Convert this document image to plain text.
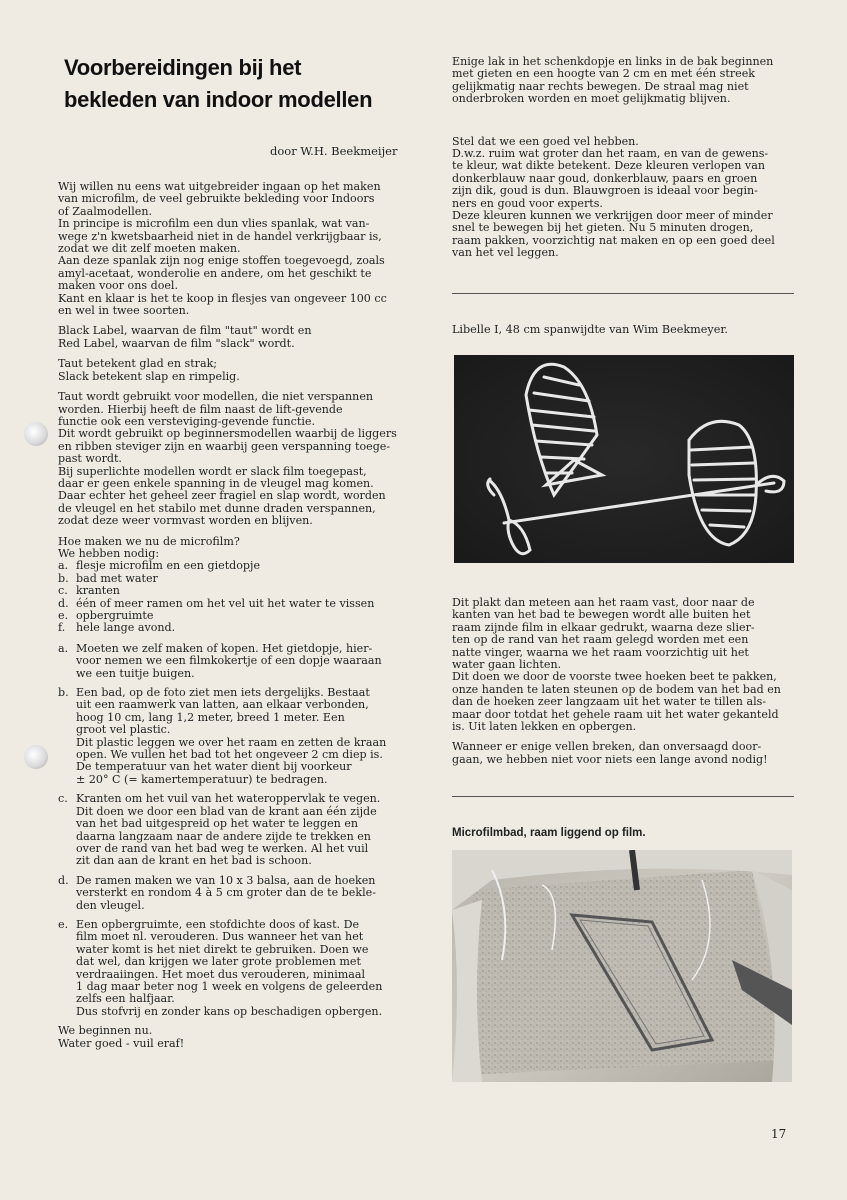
Voorbereidingen bij het
bekleden van indoor modellen
door W.H. Beekmeijer

Wij willen nu eens wat uitgebreider ingaan op het maken
van microfilm, de veel gebruikte bekleding voor Indoors
of Zaalmodellen.
In principe is microfilm een dun vlies spanlak, wat van-
wege z'n kwetsbaarheid niet in de handel verkrijgbaar is,
zodat we dit zelf moeten maken.
Aan deze spanlak zijn nog enige stoffen toegevoegd, zoals
amyl-acetaat, wonderolie en andere, om het geschikt te
maken voor ons doel.
Kant en klaar is het te koop in flesjes van ongeveer 100 cc
en wel in twee soorten.

Black Label, waarvan de film "taut" wordt en
Red Label, waarvan de film "slack" wordt.

Taut betekent glad en strak;
Slack betekent slap en rimpelig.

Taut wordt gebruikt voor modellen, die niet verspannen
worden. Hierbij heeft de film naast de lift-gevende
functie ook een versteviging-gevende functie.
Dit wordt gebruikt op beginnersmodellen waarbij de liggers
en ribben steviger zijn en waarbij geen verspanning toege-
past wordt.
Bij superlichte modellen wordt er slack film toegepast,
daar er geen enkele spanning in de vleugel mag komen.
Daar echter het geheel zeer fragiel en slap wordt, worden
de vleugel en het stabilo met dunne draden verspannen,
zodat deze weer vormvast worden en blijven.

Hoe maken we nu de microfilm?
We hebben nodig:
a. flesje microfilm en een gietdopje
b. bad met water
c. kranten
d. één of meer ramen om het vel uit het water te vissen
e. opbergruimte
f. hele lange avond.
a. Moeten we zelf maken of kopen. Het gietdopje, hier-
voor nemen we een filmkokertje of een dopje waaraan
we een tuitje buigen.
b. Een bad, op de foto ziet men iets dergelijks. Bestaat
uit een raamwerk van latten, aan elkaar verbonden,
hoog 10 cm, lang 1,2 meter, breed 1 meter. Een
groot vel plastic.
Dit plastic leggen we over het raam en zetten de kraan
open. We vullen het bad tot het ongeveer 2 cm diep is.
De temperatuur van het water dient bij voorkeur
± 20° C (= kamertemperatuur) te bedragen.
c. Kranten om het vuil van het wateroppervlak te vegen.
Dit doen we door een blad van de krant aan één zijde
van het bad uitgespreid op het water te leggen en
daarna langzaam naar de andere zijde te trekken en
over de rand van het bad weg te werken. Al het vuil
zit dan aan de krant en het bad is schoon.
d. De ramen maken we van 10 x 3 balsa, aan de hoeken
versterkt en rondom 4 à 5 cm groter dan de te bekle-
den vleugel.
e. Een opbergruimte, een stofdichte doos of kast. De
film moet nl. verouderen. Dus wanneer het van het
water komt is het niet direkt te gebruiken. Doen we
dat wel, dan krijgen we later grote problemen met
verdraaiingen. Het moet dus verouderen, minimaal
1 dag maar beter nog 1 week en volgens de geleerden
zelfs een halfjaar.
Dus stofvrij en zonder kans op beschadigen opbergen.

We beginnen nu.
Water goed - vuil eraf!

Enige lak in het schenkdopje en links in de bak beginnen
met gieten en een hoogte van 2 cm en met één streek
gelijkmatig naar rechts bewegen. De straal mag niet
onderbroken worden en moet gelijkmatig blijven.

Stel dat we een goed vel hebben.
D.w.z. ruim wat groter dan het raam, en van de gewens-
te kleur, wat dikte betekent. Deze kleuren verlopen van
donkerblauw naar goud, donkerblauw, paars en groen
zijn dik, goud is dun. Blauwgroen is ideaal voor begin-
ners en goud voor experts.
Deze kleuren kunnen we verkrijgen door meer of minder
snel te bewegen bij het gieten. Nu 5 minuten drogen,
raam pakken, voorzichtig nat maken en op een goed deel
van het vel leggen.

Libelle I, 48 cm spanwijdte van Wim Beekmeyer.

Dit plakt dan meteen aan het raam vast, door naar de
kanten van het bad te bewegen wordt alle buiten het
raam zijnde film in elkaar gedrukt, waarna deze slier-
ten op de rand van het raam gelegd worden met een
natte vinger, waarna we het raam voorzichtig uit het
water gaan lichten.
Dit doen we door de voorste twee hoeken beet te pakken,
onze handen te laten steunen op de bodem van het bad en
dan de hoeken zeer langzaam uit het water te tillen als-
maar door totdat het gehele raam uit het water gekanteld
is. Uit laten lekken en opbergen.

Wanneer er enige vellen breken, dan onversaagd door-
gaan, we hebben niet voor niets een lange avond nodig!

Microfilmbad, raam liggend op film.
17
